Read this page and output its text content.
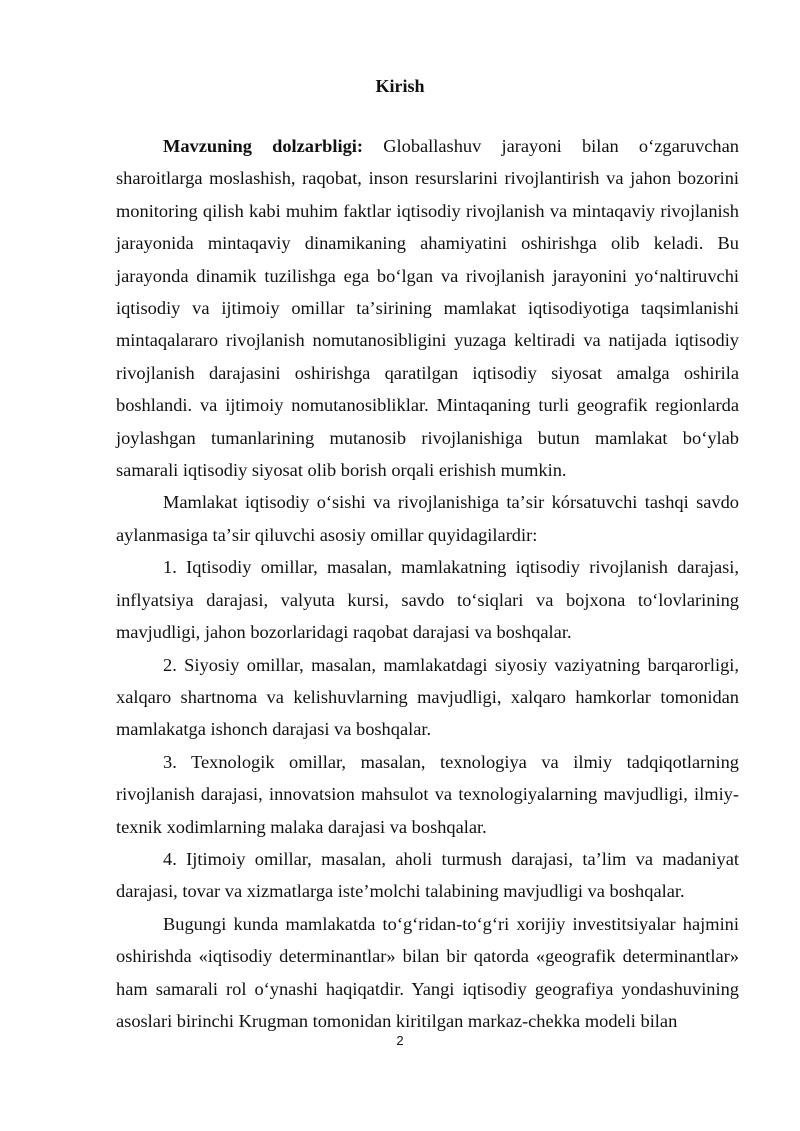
Kirish

Mavzuning dolzarbligi: Globallashuv jarayoni bilan oʻzgaruvchan sharoitlarga moslashish, raqobat, inson resurslarini rivojlantirish va jahon bozorini monitoring qilish kabi muhim faktlar iqtisodiy rivojlanish va mintaqaviy rivojlanish jarayonida mintaqaviy dinamikaning ahamiyatini oshirishga olib keladi. Bu jarayonda dinamik tuzilishga ega boʻlgan va rivojlanish jarayonini yoʻnaltiruvchi iqtisodiy va ijtimoiy omillar taʼsirining mamlakat iqtisodiyotiga taqsimlanishi mintaqalararo rivojlanish nomutanosibligini yuzaga keltiradi va natijada iqtisodiy rivojlanish darajasini oshirishga qaratilgan iqtisodiy siyosat amalga oshirila boshlandi. va ijtimoiy nomutanosibliklar. Mintaqaning turli geografik regionlarda joylashgan tumanlarining mutanosib rivojlanishiga butun mamlakat boʻylab samarali iqtisodiy siyosat olib borish orqali erishish mumkin.

Mamlakat iqtisodiy oʻsishi va rivojlanishiga taʼsir kórsatuvchi tashqi savdo aylanmasiga taʼsir qiluvchi asosiy omillar quyidagilardir:

1. Iqtisodiy omillar, masalan, mamlakatning iqtisodiy rivojlanish darajasi, inflyatsiya darajasi, valyuta kursi, savdo toʻsiqlari va bojxona toʻlovlarining mavjudligi, jahon bozorlaridagi raqobat darajasi va boshqalar.

2. Siyosiy omillar, masalan, mamlakatdagi siyosiy vaziyatning barqarorligi, xalqaro shartnoma va kelishuvlarning mavjudligi, xalqaro hamkorlar tomonidan mamlakatga ishonch darajasi va boshqalar.

3. Texnologik omillar, masalan, texnologiya va ilmiy tadqiqotlarning rivojlanish darajasi, innovatsion mahsulot va texnologiyalarning mavjudligi, ilmiy-texnik xodimlarning malaka darajasi va boshqalar.

4. Ijtimoiy omillar, masalan, aholi turmush darajasi, taʼlim va madaniyat darajasi, tovar va xizmatlarga isteʼmolchi talabining mavjudligi va boshqalar.

Bugungi kunda mamlakatda toʻgʻridan-toʻgʻri xorijiy investitsiyalar hajmini oshirishda «iqtisodiy determinantlar» bilan bir qatorda «geografik determinantlar» ham samarali rol oʻynashi haqiqatdir. Yangi iqtisodiy geografiya yondashuvining asoslari birinchi Krugman tomonidan kiritilgan markaz-chekka modeli bilan

2
